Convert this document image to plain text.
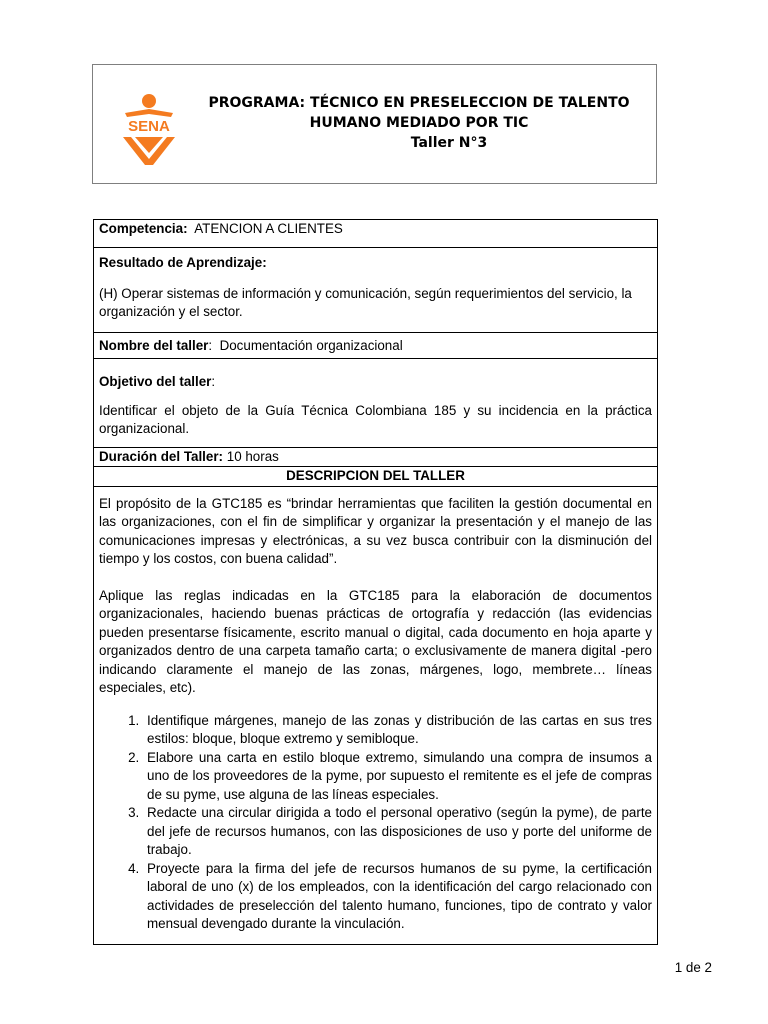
SENA
PROGRAMA: TÉCNICO EN PRESELECCION DE TALENTO
HUMANO MEDIADO POR TIC
Taller N°3
Competencia: ATENCION A CLIENTES

Resultado de Aprendizaje:

(H) Operar sistemas de información y comunicación, según requerimientos del servicio, la organización y el sector.

Nombre del taller:  Documentación organizacional

Objetivo del taller:

Identificar el objeto de la Guía Técnica Colombiana 185 y su incidencia en la práctica organizacional.

Duración del Taller: 10 horas
DESCRIPCION DEL TALLER

El propósito de la GTC185 es “brindar herramientas que faciliten la gestión documental en las organizaciones, con el fin de simplificar y organizar la presentación y el manejo de las comunicaciones impresas y electrónicas, a su vez busca contribuir con la disminución del tiempo y los costos, con buena calidad”.

Aplique las reglas indicadas en la GTC185 para la elaboración de documentos organizacionales, haciendo buenas prácticas de ortografía y redacción (las evidencias pueden presentarse físicamente, escrito manual o digital, cada documento en hoja aparte y organizados dentro de una carpeta tamaño carta; o exclusivamente de manera digital -pero indicando claramente el manejo de las zonas, márgenes, logo, membrete… líneas especiales, etc).

1. Identifique márgenes, manejo de las zonas y distribución de las cartas en sus tres estilos: bloque, bloque extremo y semibloque.
2. Elabore una carta en estilo bloque extremo, simulando una compra de insumos a uno de los proveedores de la pyme, por supuesto el remitente es el jefe de compras de su pyme, use alguna de las líneas especiales.
3. Redacte una circular dirigida a todo el personal operativo (según la pyme), de parte del jefe de recursos humanos, con las disposiciones de uso y porte del uniforme de trabajo.
4. Proyecte para la firma del jefe de recursos humanos de su pyme, la certificación laboral de uno (x) de los empleados, con la identificación del cargo relacionado con actividades de preselección del talento humano, funciones, tipo de contrato y valor mensual devengado durante la vinculación.
1 de 2
